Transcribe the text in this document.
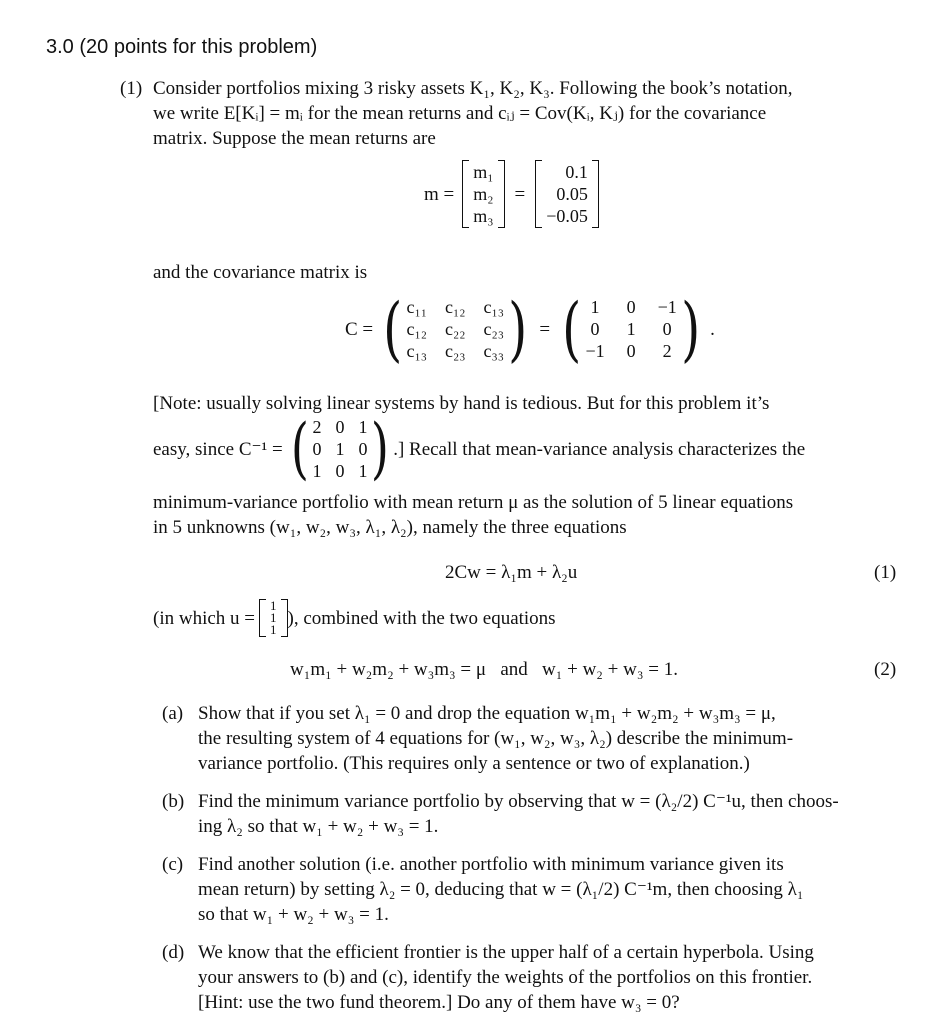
3.0 (20 points for this problem)
(1) Consider portfolios mixing 3 risky assets K₁, K₂, K₃. Following the book’s notation,
we write E[Kᵢ] = mᵢ for the mean returns and cᵢⱼ = Cov(Kᵢ, Kⱼ) for the covariance
matrix. Suppose the mean returns are
m =
m₁
m₂
m₃
=
0.1
0.05
−0.05
and the covariance matrix is
C = ( c₁₁ c₁₂ c₁₃
c₁₂ c₂₂ c₂₃
c₁₃ c₂₃ c₃₃ ) = ( 1 0 −1
0 1 0
−1 0 2 ) .
[Note: usually solving linear systems by hand is tedious. But for this problem it’s
easy, since C⁻¹ = ( 2 0 1
0 1 0
1 0 1 ) .] Recall that mean-variance analysis characterizes the
minimum-variance portfolio with mean return μ as the solution of 5 linear equations
in 5 unknowns (w₁, w₂, w₃, λ₁, λ₂), namely the three equations
2Cw = λ₁m + λ₂u	(1)
(in which u =
1
1
1
), combined with the two equations
w₁m₁ + w₂m₂ + w₃m₃ = μ   and   w₁ + w₂ + w₃ = 1.	(2)
(a) Show that if you set λ₁ = 0 and drop the equation w₁m₁ + w₂m₂ + w₃m₃ = μ,
the resulting system of 4 equations for (w₁, w₂, w₃, λ₂) describe the minimum-
variance portfolio. (This requires only a sentence or two of explanation.)
(b) Find the minimum variance portfolio by observing that w = (λ₂/2) C⁻¹u, then choos-
ing λ₂ so that w₁ + w₂ + w₃ = 1.
(c) Find another solution (i.e. another portfolio with minimum variance given its
mean return) by setting λ₂ = 0, deducing that w = (λ₁/2) C⁻¹m, then choosing λ₁
so that w₁ + w₂ + w₃ = 1.
(d) We know that the efficient frontier is the upper half of a certain hyperbola. Using
your answers to (b) and (c), identify the weights of the portfolios on this frontier.
[Hint: use the two fund theorem.] Do any of them have w₃ = 0?
